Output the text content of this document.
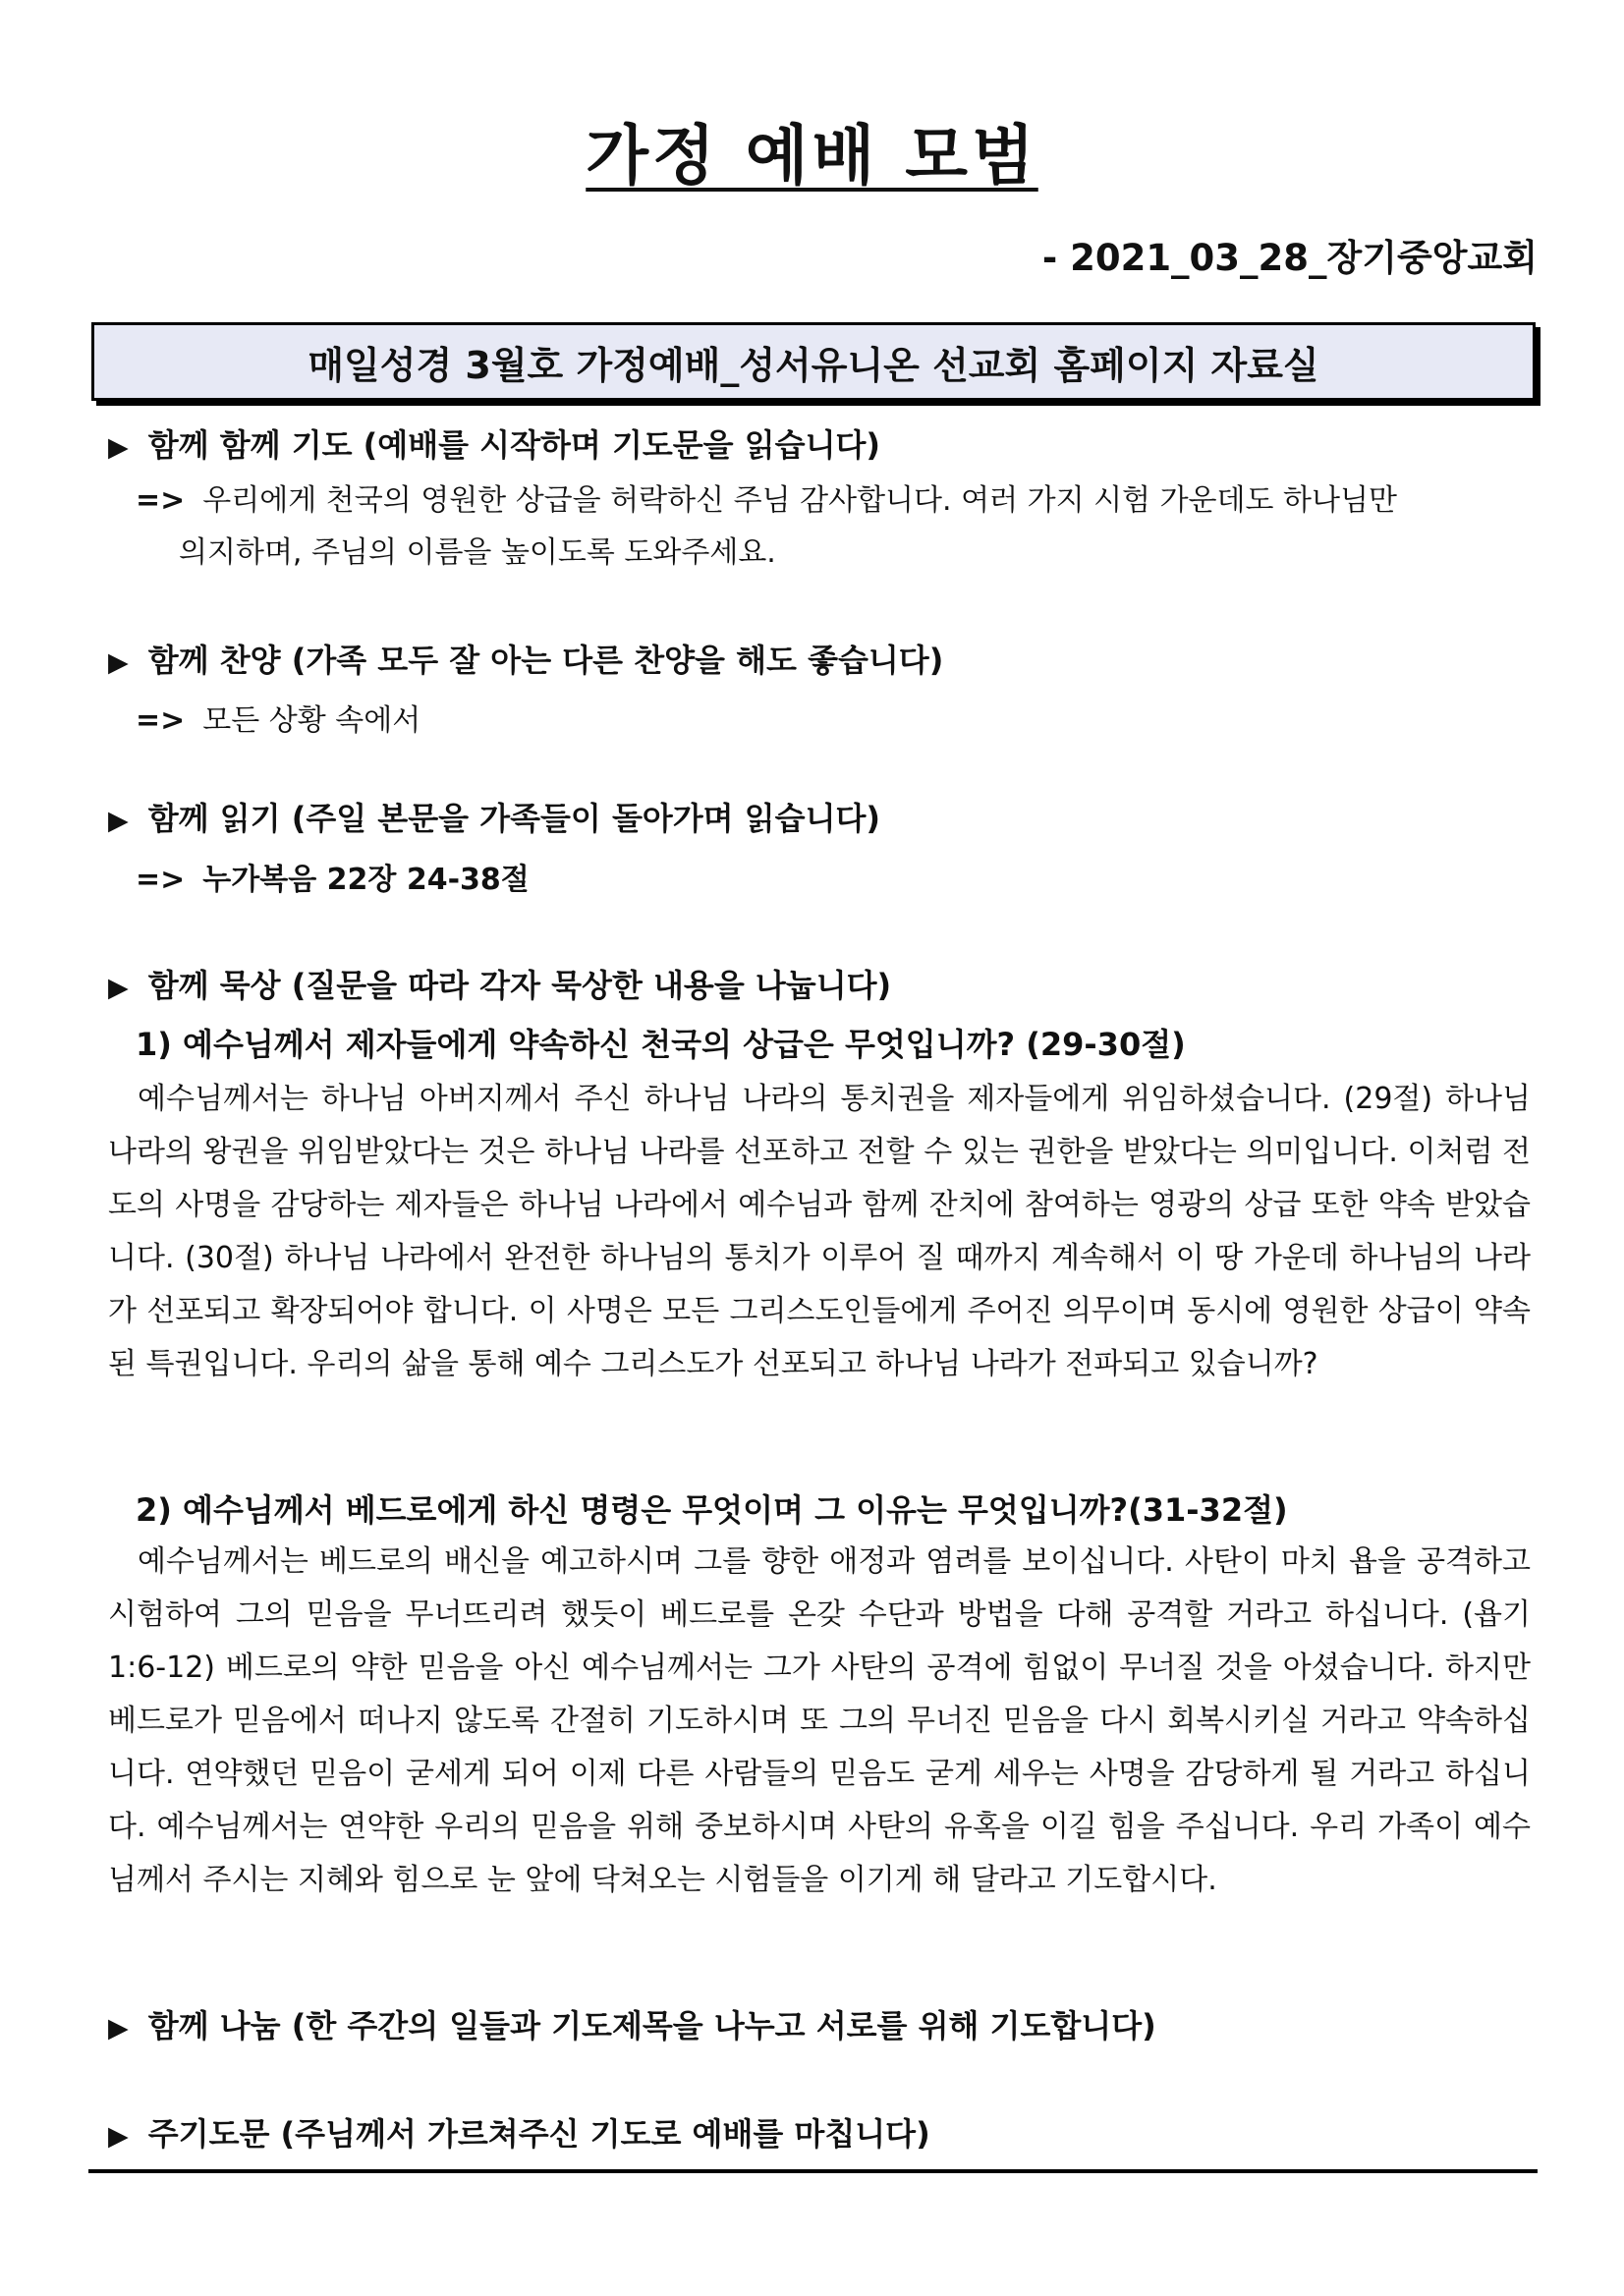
가정 예배 모범
- 2021_03_28_장기중앙교회
매일성경 3월호 가정예배_성서유니온 선교회 홈페이지 자료실
▶ 함께 함께 기도 (예배를 시작하며 기도문을 읽습니다)
=> 우리에게 천국의 영원한 상급을 허락하신 주님 감사합니다. 여러 가지 시험 가운데도 하나님만
의지하며, 주님의 이름을 높이도록 도와주세요.
▶ 함께 찬양 (가족 모두 잘 아는 다른 찬양을 해도 좋습니다)
=> 모든 상황 속에서
▶ 함께 읽기 (주일 본문을 가족들이 돌아가며 읽습니다)
=> 누가복음 22장 24-38절
▶ 함께 묵상 (질문을 따라 각자 묵상한 내용을 나눕니다)
1) 예수님께서 제자들에게 약속하신 천국의 상급은 무엇입니까? (29-30절)

예수님께서는 하나님 아버지께서 주신 하나님 나라의 통치권을 제자들에게 위임하셨습니다. (29절) 하나님 나라의 왕권을 위임받았다는 것은 하나님 나라를 선포하고 전할 수 있는 권한을 받았다는 의미입니다. 이처럼 전도의 사명을 감당하는 제자들은 하나님 나라에서 예수님과 함께 잔치에 참여하는 영광의 상급 또한 약속 받았습니다. (30절) 하나님 나라에서 완전한 하나님의 통치가 이루어 질 때까지 계속해서 이 땅 가운데 하나님의 나라가 선포되고 확장되어야 합니다. 이 사명은 모든 그리스도인들에게 주어진 의무이며 동시에 영원한 상급이 약속된 특권입니다. 우리의 삶을 통해 예수 그리스도가 선포되고 하나님 나라가 전파되고 있습니까?

2) 예수님께서 베드로에게 하신 명령은 무엇이며 그 이유는 무엇입니까?(31-32절)

예수님께서는 베드로의 배신을 예고하시며 그를 향한 애정과 염려를 보이십니다. 사탄이 마치 욥을 공격하고 시험하여 그의 믿음을 무너뜨리려 했듯이 베드로를 온갖 수단과 방법을 다해 공격할 거라고 하십니다. (욥기 1:6-12) 베드로의 약한 믿음을 아신 예수님께서는 그가 사탄의 공격에 힘없이 무너질 것을 아셨습니다. 하지만 베드로가 믿음에서 떠나지 않도록 간절히 기도하시며 또 그의 무너진 믿음을 다시 회복시키실 거라고 약속하십니다. 연약했던 믿음이 굳세게 되어 이제 다른 사람들의 믿음도 굳게 세우는 사명을 감당하게 될 거라고 하십니다. 예수님께서는 연약한 우리의 믿음을 위해 중보하시며 사탄의 유혹을 이길 힘을 주십니다. 우리 가족이 예수님께서 주시는 지혜와 힘으로 눈 앞에 닥쳐오는 시험들을 이기게 해 달라고 기도합시다.

▶ 함께 나눔 (한 주간의 일들과 기도제목을 나누고 서로를 위해 기도합니다)
▶ 주기도문 (주님께서 가르쳐주신 기도로 예배를 마칩니다)
